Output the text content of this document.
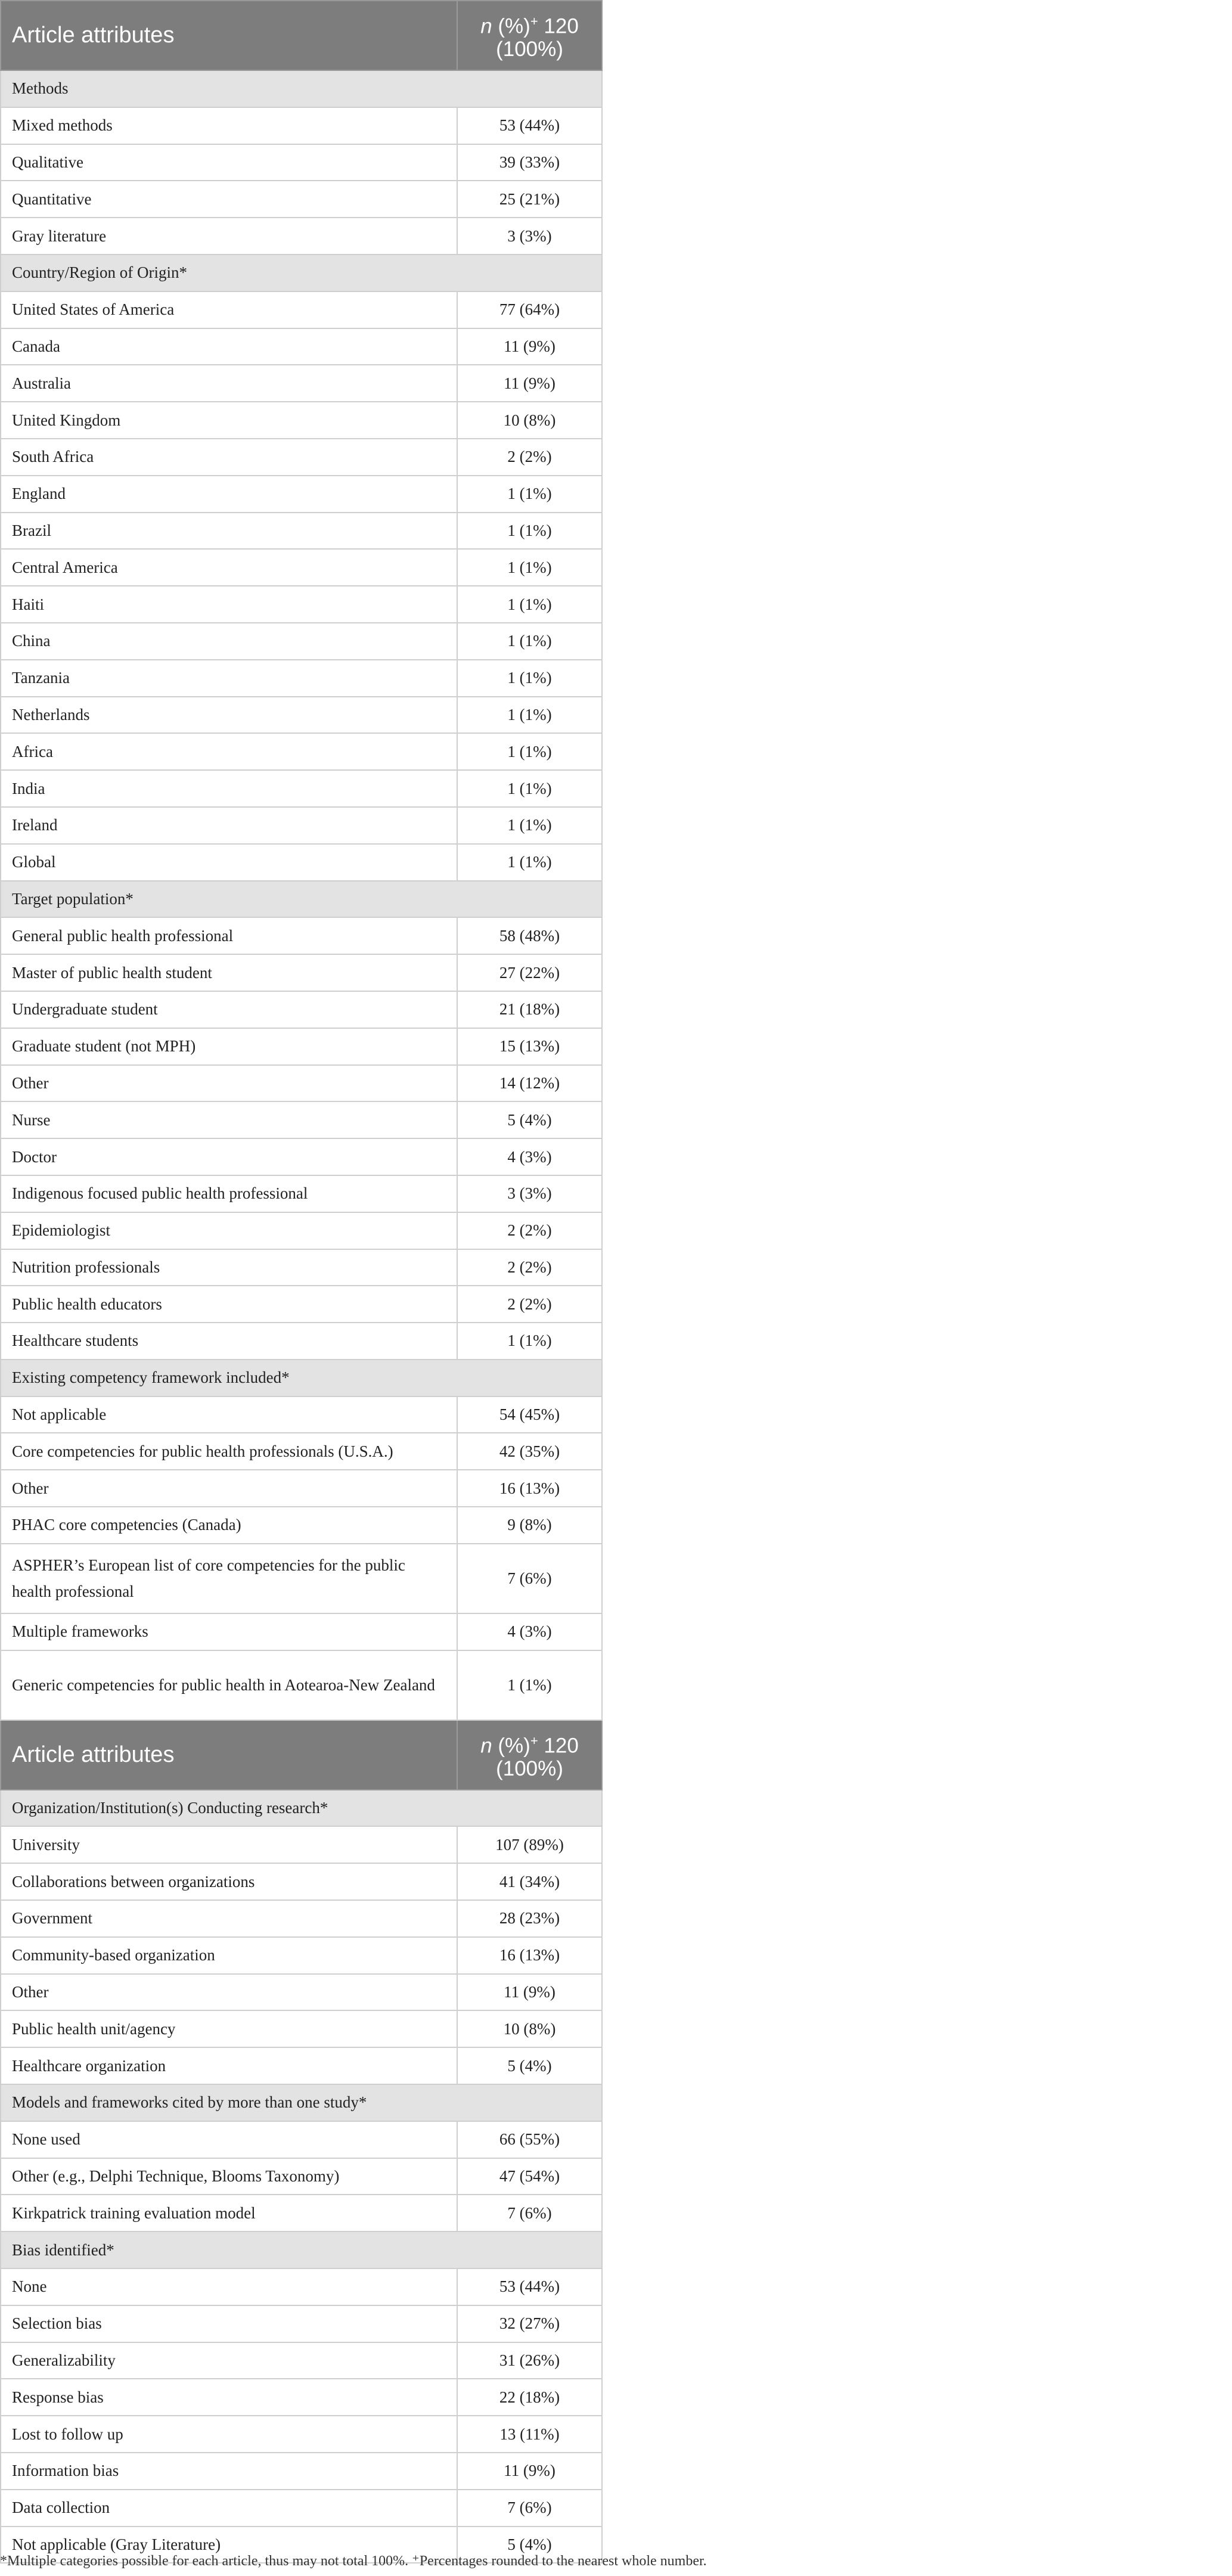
Article attributes	n (%)+ 120
(100%)
Methods	
Mixed methods	53 (44%)
Qualitative	39 (33%)
Quantitative	25 (21%)
Gray literature	3 (3%)
Country/Region of Origin*	
United States of America	77 (64%)
Canada	11 (9%)
Australia	11 (9%)
United Kingdom	10 (8%)
South Africa	2 (2%)
England	1 (1%)
Brazil	1 (1%)
Central America	1 (1%)
Haiti	1 (1%)
China	1 (1%)
Tanzania	1 (1%)
Netherlands	1 (1%)
Africa	1 (1%)
India	1 (1%)
Ireland	1 (1%)
Global	1 (1%)
Target population*	
General public health professional	58 (48%)
Master of public health student	27 (22%)
Undergraduate student	21 (18%)
Graduate student (not MPH)	15 (13%)
Other	14 (12%)
Nurse	5 (4%)
Doctor	4 (3%)
Indigenous focused public health professional	3 (3%)
Epidemiologist	2 (2%)
Nutrition professionals	2 (2%)
Public health educators	2 (2%)
Healthcare students	1 (1%)
Existing competency framework included*	
Not applicable	54 (45%)
Core competencies for public health professionals (U.S.A.)	42 (35%)
Other	16 (13%)
PHAC core competencies (Canada)	9 (8%)
ASPHER’s European list of core competencies for the public health professional	7 (6%)
Multiple frameworks	4 (3%)
Generic competencies for public health in Aotearoa-New Zealand	1 (1%)
Article attributes	n (%)+ 120
(100%)
Organization/Institution(s) Conducting research*	
University	107 (89%)
Collaborations between organizations	41 (34%)
Government	28 (23%)
Community-based organization	16 (13%)
Other	11 (9%)
Public health unit/agency	10 (8%)
Healthcare organization	5 (4%)
Models and frameworks cited by more than one study*	
None used	66 (55%)
Other (e.g., Delphi Technique, Blooms Taxonomy)	47 (54%)
Kirkpatrick training evaluation model	7 (6%)
Bias identified*	
None	53 (44%)
Selection bias	32 (27%)
Generalizability	31 (26%)
Response bias	22 (18%)
Lost to follow up	13 (11%)
Information bias	11 (9%)
Data collection	7 (6%)
Not applicable (Gray Literature)	5 (4%)
*Multiple categories possible for each article, thus may not total 100%. ⁺Percentages rounded to the nearest whole number.
